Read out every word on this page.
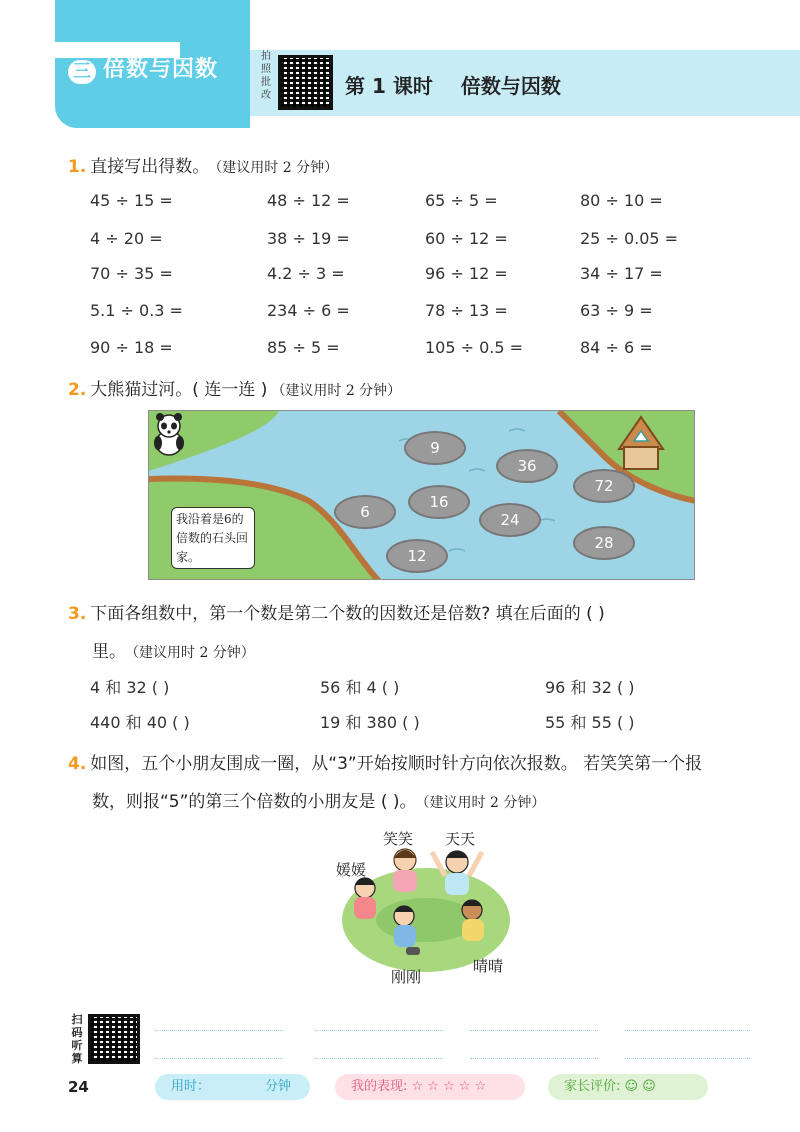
三 倍数与因数
拍照批改	第 1 课时 倍数与因数
1. 直接写出得数。 （建议用时 2 分钟）
45 ÷ 15 =	48 ÷ 12 =	65 ÷ 5 =	80 ÷ 10 =
4 ÷ 20 =	38 ÷ 19 =	60 ÷ 12 =	25 ÷ 0.05 =
70 ÷ 35 =	4.2 ÷ 3 =	96 ÷ 12 =	34 ÷ 17 =
5.1 ÷ 0.3 =	234 ÷ 6 =	78 ÷ 13 =	63 ÷ 9 =
90 ÷ 18 =	85 ÷ 5 =	105 ÷ 0.5 =	84 ÷ 6 =
2. 大熊猫过河。( 连一连 ) （建议用时 2 分钟）
9
36
72
6
16
24
28
12
我沿着是6的倍数的石头回家。
3. 下面各组数中，第一个数是第二个数的因数还是倍数? 填在后面的 ( )
里。 （建议用时 2 分钟）
4 和 32 ( )	56 和 4 ( )	96 和 32 ( )
440 和 40 ( )	19 和 380 ( )	55 和 55 ( )
4. 如图，五个小朋友围成一圈，从“3”开始按顺时针方向依次报数。 若笑笑第一个报
数，则报“5”的第三个倍数的小朋友是 ( )。 （建议用时 2 分钟）
笑笑 天天
媛媛
刚刚
晴晴
扫码听算
24	用时：	分钟	我的表现: ☆ ☆ ☆ ☆ ☆	家长评价: ☺ ☺
